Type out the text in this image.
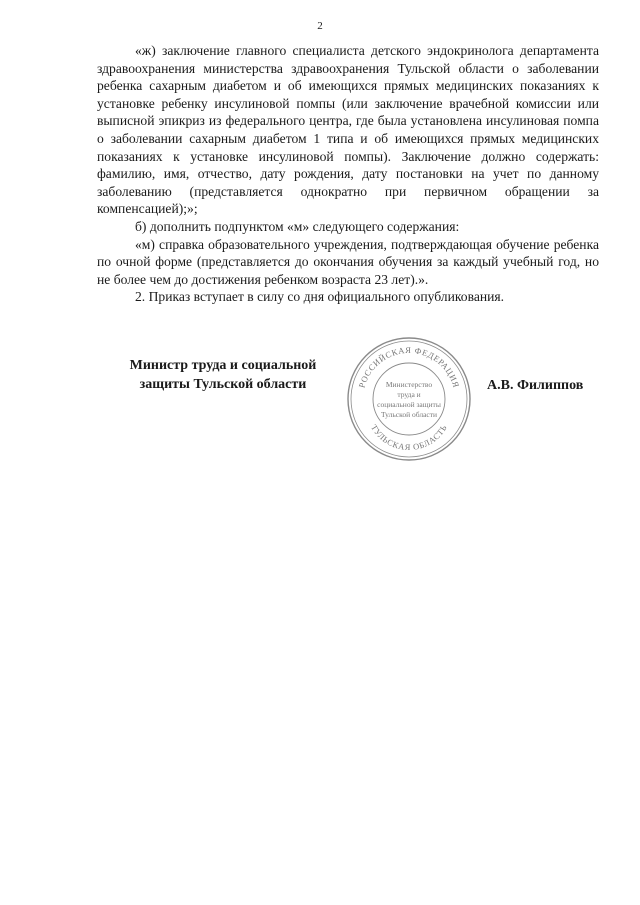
2

«ж) заключение главного специалиста детского эндокринолога департамента здравоохранения министерства здравоохранения Тульской области о заболевании ребенка сахарным диабетом и об имеющихся прямых медицинских показаниях к установке ребенку инсулиновой помпы (или заключение врачебной комиссии или выписной эпикриз из федерального центра, где была установлена инсулиновая помпа о заболевании сахарным диабетом 1 типа и об имеющихся прямых медицинских показаниях к установке инсулиновой помпы). Заключение должно содержать: фамилию, имя, отчество, дату рождения, дату постановки на учет по данному заболеванию (представляется однократно при первичном обращении за компенсацией);»;

б) дополнить подпунктом «м» следующего содержания:

«м) справка образовательного учреждения, подтверждающая обучение ребенка по очной форме (представляется до окончания обучения за каждый учебный год, но не более чем до достижения ребенком возраста 23 лет).».

2. Приказ вступает в силу со дня официального опубликования.

Министр труда и социальной
защиты Тульской области	РОССИЙСКАЯ ФЕДЕРАЦИЯ
ТУЛЬСКАЯ ОБЛАСТЬ
Министерство
труда и
социальной защиты
Тульской области
А.В. Филиппов
